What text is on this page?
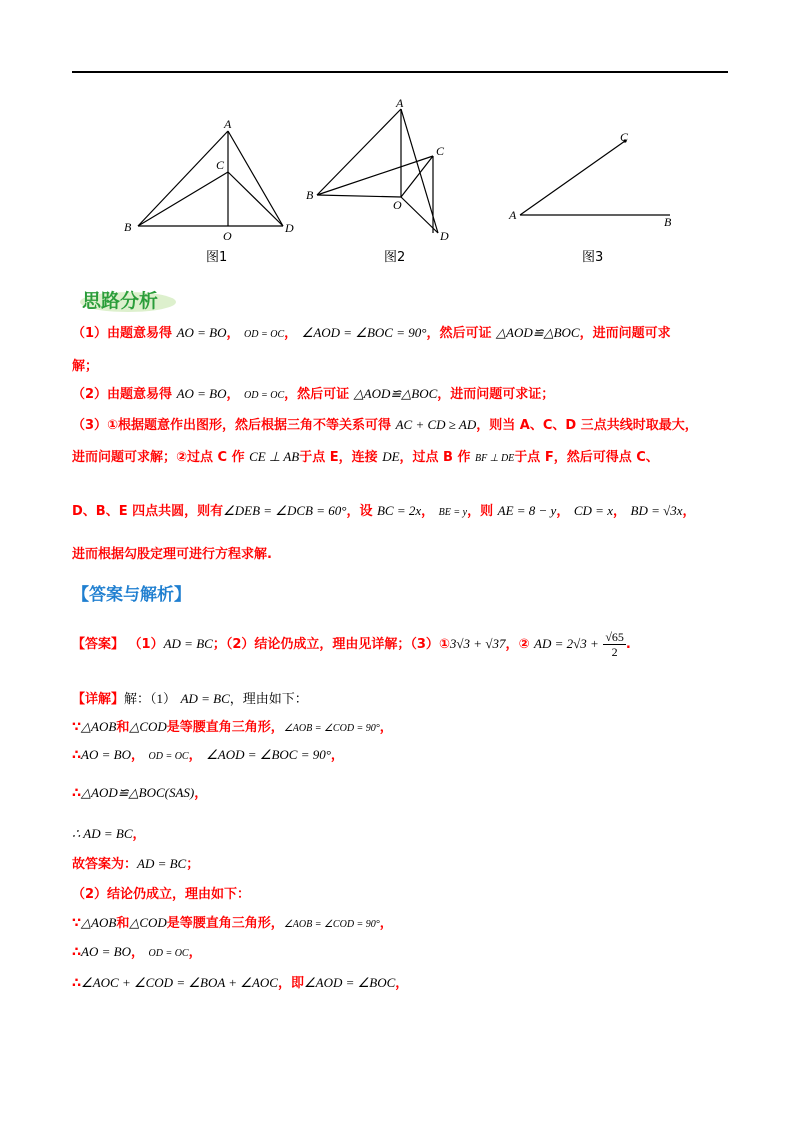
A
C
B
O
D
图1
A
C
B
O
D
图2
C
A	B
图3
思路分析
（1）由题意易得 AO = BO， OD = OC， ∠AOD = ∠BOC = 90°，然后可证 △AOD≌△BOC，进而问题可求
解；
（2）由题意易得 AO = BO， OD = OC，然后可证 △AOD≌△BOC，进而问题可求证；
（3）①根据题意作出图形，然后根据三角不等关系可得 AC + CD ≥ AD，则当 A、C、D 三点共线时取最大，
进而问题可求解；②过点 C 作 CE ⊥ AB于点 E，连接 DE，过点 B 作 BF ⊥ DE于点 F，然后可得点 C、
D、B、E 四点共圆，则有∠DEB = ∠DCB = 60°，设 BC = 2x， BE = y，则 AE = 8 − y， CD = x， BD = √3x，
进而根据勾股定理可进行方程求解.
【答案与解析】
【答案】 （1）AD = BC；（2）结论仍成立，理由见详解；（3）①3√3 + √37，② AD = $2√3 + \frac{√65}{2}$ .
【详解】解：（1） AD = BC，理由如下：
∵△AOB和△COD是等腰直角三角形，∠AOB = ∠COD = 90°，
∴AO = BO， OD = OC， ∠AOD = ∠BOC = 90°，
∴△AOD≌△BOC(SAS)，
∴ AD = BC，
故答案为：AD = BC；
（2）结论仍成立，理由如下：
∵△AOB和△COD是等腰直角三角形，∠AOB = ∠COD = 90°，
∴AO = BO， OD = OC，
∴∠AOC + ∠COD = ∠BOA + ∠AOC，即∠AOD = ∠BOC，
